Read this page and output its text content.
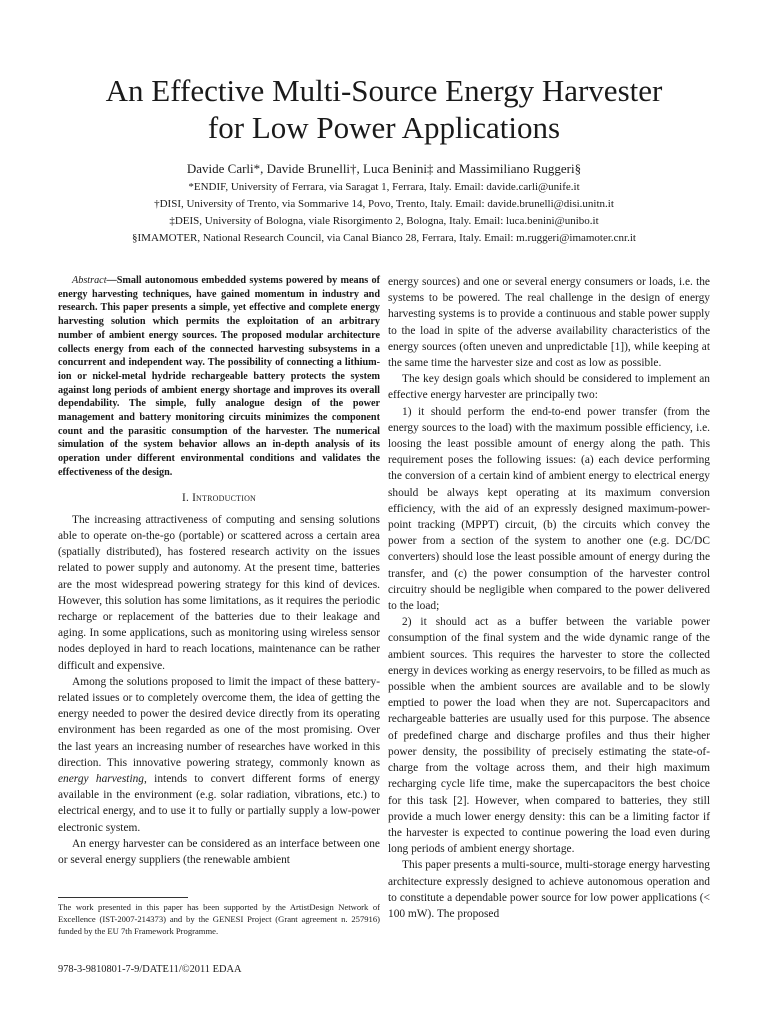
An Effective Multi-Source Energy Harvester
for Low Power Applications
Davide Carli*, Davide Brunelli†, Luca Benini‡ and Massimiliano Ruggeri§
*ENDIF, University of Ferrara, via Saragat 1, Ferrara, Italy. Email: davide.carli@unife.it
†DISI, University of Trento, via Sommarive 14, Povo, Trento, Italy. Email: davide.brunelli@disi.unitn.it
‡DEIS, University of Bologna, viale Risorgimento 2, Bologna, Italy. Email: luca.benini@unibo.it
§IMAMOTER, National Research Council, via Canal Bianco 28, Ferrara, Italy. Email: m.ruggeri@imamoter.cnr.it

Abstract—Small autonomous embedded systems powered by means of energy harvesting techniques, have gained momentum in industry and research. This paper presents a simple, yet effective and complete energy harvesting solution which permits the exploitation of an arbitrary number of ambient energy sources. The proposed modular architecture collects energy from each of the connected harvesting subsystems in a concurrent and independent way. The possibility of connecting a lithium-ion or nickel-metal hydride rechargeable battery protects the system against long periods of ambient energy shortage and improves its overall dependability. The simple, fully analogue design of the power management and battery monitoring circuits minimizes the component count and the parasitic consumption of the harvester. The numerical simulation of the system behavior allows an in-depth analysis of its operation under different environmental conditions and validates the effectiveness of the design.

I. Introduction

The increasing attractiveness of computing and sensing solutions able to operate on-the-go (portable) or scattered across a certain area (spatially distributed), has fostered research activity on the issues related to power supply and autonomy. At the present time, batteries are the most widespread powering strategy for this kind of devices. However, this solution has some limitations, as it requires the periodic recharge or replacement of the batteries due to their leakage and aging. In some applications, such as monitoring using wireless sensor nodes deployed in hard to reach locations, maintenance can be rather difficult and expensive.

Among the solutions proposed to limit the impact of these battery-related issues or to completely overcome them, the idea of getting the energy needed to power the desired device directly from its operating environment has been regarded as one of the most promising. Over the last years an increasing number of researches have worked in this direction. This innovative powering strategy, commonly known as energy harvesting, intends to convert different forms of energy available in the environment (e.g. solar radiation, vibrations, etc.) to electrical energy, and to use it to fully or partially supply a low-power electronic system.

An energy harvester can be considered as an interface between one or several energy suppliers (the renewable ambient

energy sources) and one or several energy consumers or loads, i.e. the systems to be powered. The real challenge in the design of energy harvesting systems is to provide a continuous and stable power supply to the load in spite of the adverse availability characteristics of the energy sources (often uneven and unpredictable [1]), while keeping at the same time the harvester size and cost as low as possible.

The key design goals which should be considered to implement an effective energy harvester are principally two:

1) it should perform the end-to-end power transfer (from the energy sources to the load) with the maximum possible efficiency, i.e. loosing the least possible amount of energy along the path. This requirement poses the following issues: (a) each device performing the conversion of a certain kind of ambient energy to electrical energy should be always kept operating at its maximum conversion efficiency, with the aid of an expressly designed maximum-power-point tracking (MPPT) circuit, (b) the circuits which convey the power from a section of the system to another one (e.g. DC/DC converters) should lose the least possible amount of energy during the transfer, and (c) the power consumption of the harvester control circuitry should be negligible when compared to the power delivered to the load;

2) it should act as a buffer between the variable power consumption of the final system and the wide dynamic range of the ambient sources. This requires the harvester to store the collected energy in devices working as energy reservoirs, to be filled as much as possible when the ambient sources are available and to be slowly emptied to power the load when they are not. Supercapacitors and rechargeable batteries are usually used for this purpose. The absence of predefined charge and discharge profiles and thus their higher power density, the possibility of precisely estimating the state-of-charge from the voltage across them, and their high maximum recharging cycle life time, make the supercapacitors the best choice for this task [2]. However, when compared to batteries, they still provide a much lower energy density: this can be a limiting factor if the harvester is expected to continue powering the load even during long periods of ambient energy shortage.

This paper presents a multi-source, multi-storage energy harvesting architecture expressly designed to achieve autonomous operation and to constitute a dependable power source for low power applications (< 100 mW). The proposed

The work presented in this paper has been supported by the ArtistDesign Network of Excellence (IST-2007-214373) and by the GENESI Project (Grant agreement n. 257916) funded by the EU 7th Framework Programme.
978-3-9810801-7-9/DATE11/©2011 EDAA
